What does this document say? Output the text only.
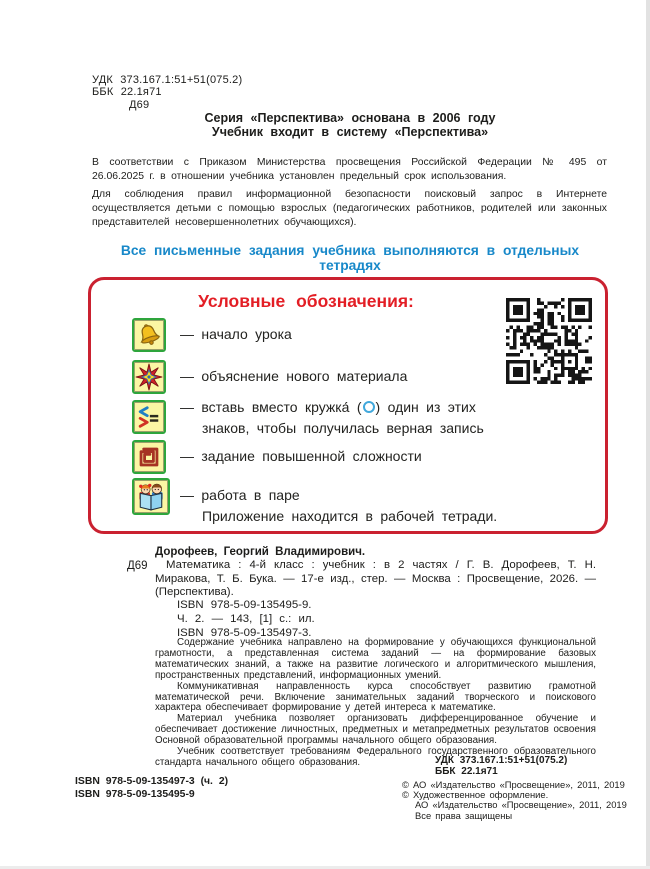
УДК 373.167.1:51+51(075.2)
ББК 22.1я71
Д69
Серия «Перспектива» основана в 2006 году
Учебник входит в систему «Перспектива»

В соответствии с Приказом Министерства просвещения Российской Федерации № 495 от 26.06.2025 г. в отношении учебника установлен предельный срок использования.

Для соблюдения правил информационной безопасности поисковый запрос в Интернете осуществляется детьми с помощью взрослых (педагогических работников, родителей или законных представителей несовершеннолетних обучающихся).

Все письменные задания учебника выполняются в отдельных тетрадях
Условные обозначения:
— начало урока
— объяснение нового материала
— вставь вместо кружка́ ( ) один из этих
знаков, чтобы получилась верная запись
— задание повышенной сложности
— работа в паре
Приложение находится в рабочей тетради.
Дорофеев, Георгий Владимирович.
Д69	Математика : 4-й класс : учебник : в 2 частях / Г. В. Дорофеев, Т. Н. Миракова, Т. Б. Бука. — 17-е изд., стер. — Москва : Просвещение, 2026. — (Перспектива).

ISBN 978-5-09-135495-9.
Ч. 2. — 143, [1] с.: ил.
ISBN 978-5-09-135497-3.

Содержание учебника направлено на формирование у обучающихся функциональной грамотности, а представленная система заданий — на формирование базовых математических знаний, а также на развитие логического и алгоритмического мышления, пространственных представлений, информационных умений.

Коммуникативная направленность курса способствует развитию грамотной математической речи. Включение занимательных заданий творческого и поискового характера обеспечивает формирование у детей интереса к математике.

Материал учебника позволяет организовать дифференцированное обучение и обеспечивает достижение личностных, предметных и метапредметных результатов освоения Основной образовательной программы начального общего образования.

Учебник соответствует требованиям Федерального государственного образовательного стандарта начального общего образования.	УДК 373.167.1:51+51(075.2)
ББК 22.1я71
ISBN 978-5-09-135497-3 (ч. 2)
ISBN 978-5-09-135495-9
© АО «Издательство «Просвещение», 2011, 2019
© Художественное оформление.
АО «Издательство «Просвещение», 2011, 2019
Все права защищены
